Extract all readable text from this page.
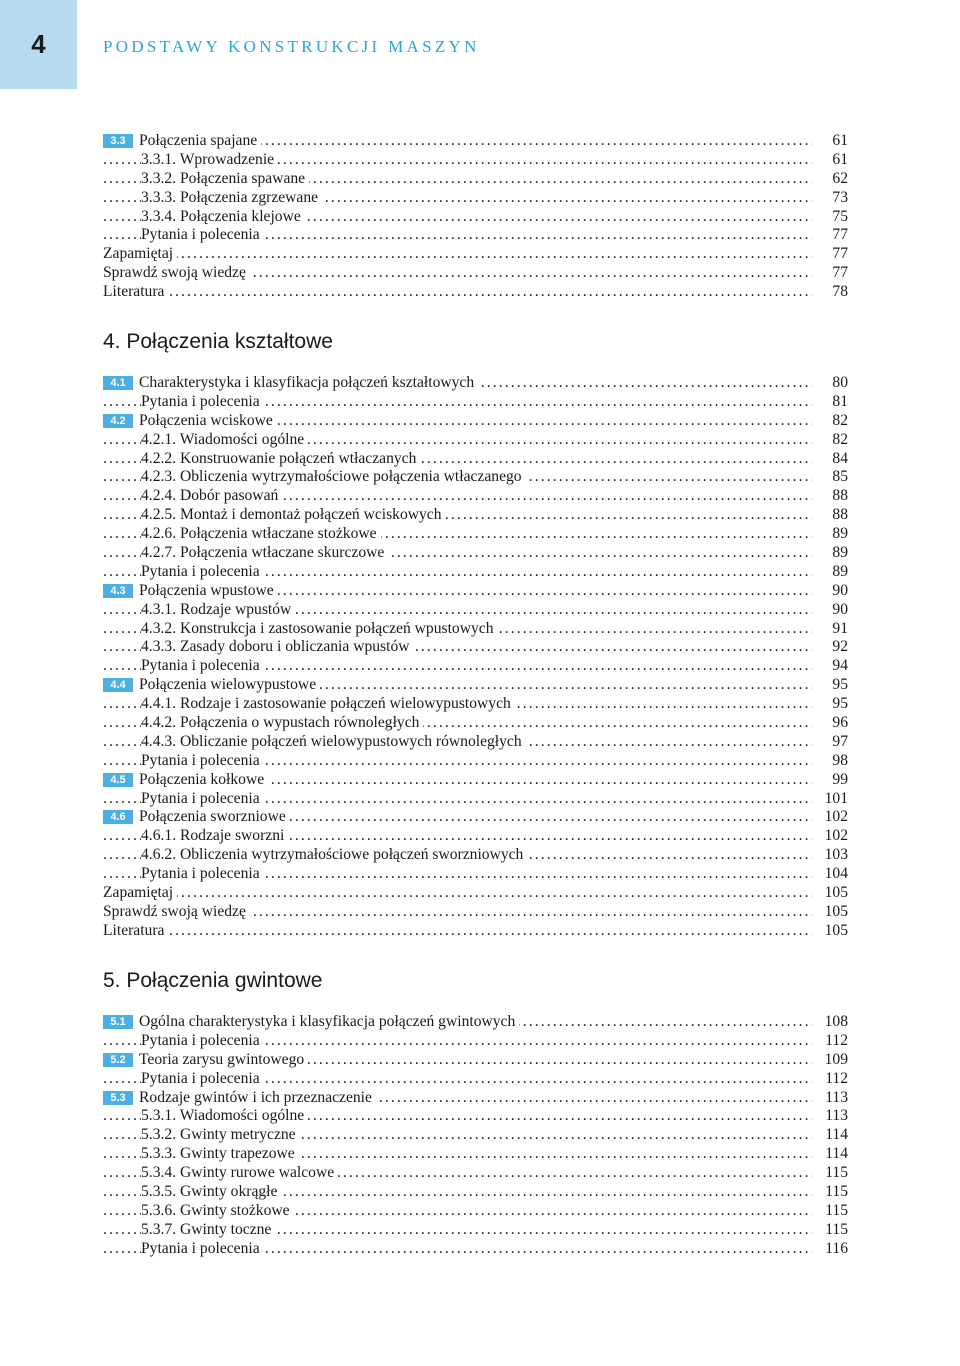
4	PODSTAWY KONSTRUKCJI MASZYN
. . .
3.3 Połączenia spajane	61
. . .
3.3.1. Wprowadzenie	61
. . .
3.3.2. Połączenia spawane	62
. . .
3.3.3. Połączenia zgrzewane	73
. . .
3.3.4. Połączenia klejowe	75
. . .
Pytania i polecenia	77
. . .
Zapamiętaj	77
. . .
Sprawdź swoją wiedzę	77
. . .
Literatura	78
4. Połączenia kształtowe
. . .
4.1 Charakterystyka i klasyfikacja połączeń kształtowych	80
. . .
Pytania i polecenia	81
. . .
4.2 Połączenia wciskowe	82
. . .
4.2.1. Wiadomości ogólne	82
. . .
4.2.2. Konstruowanie połączeń wtłaczanych	84
. . .
4.2.3. Obliczenia wytrzymałościowe połączenia wtłaczanego	85
. . .
4.2.4. Dobór pasowań	88
. . .
4.2.5. Montaż i demontaż połączeń wciskowych	88
. . .
4.2.6. Połączenia wtłaczane stożkowe	89
. . .
4.2.7. Połączenia wtłaczane skurczowe	89
. . .
Pytania i polecenia	89
. . .
4.3 Połączenia wpustowe	90
. . .
4.3.1. Rodzaje wpustów	90
. . .
4.3.2. Konstrukcja i zastosowanie połączeń wpustowych	91
. . .
4.3.3. Zasady doboru i obliczania wpustów	92
. . .
Pytania i polecenia	94
. . .
4.4 Połączenia wielowypustowe	95
. . .
4.4.1. Rodzaje i zastosowanie połączeń wielowypustowych	95
. . .
4.4.2. Połączenia o wypustach równoległych	96
. . .
4.4.3. Obliczanie połączeń wielowypustowych równoległych	97
. . .
Pytania i polecenia	98
. . .
4.5 Połączenia kołkowe	99
. . .
Pytania i polecenia	101
. . .
4.6 Połączenia sworzniowe	102
. . .
4.6.1. Rodzaje sworzni	102
. . .
4.6.2. Obliczenia wytrzymałościowe połączeń sworzniowych	103
. . .
Pytania i polecenia	104
. . .
Zapamiętaj	105
. . .
Sprawdź swoją wiedzę	105
. . .
Literatura	105
5. Połączenia gwintowe
. . .
5.1 Ogólna charakterystyka i klasyfikacja połączeń gwintowych	108
. . .
Pytania i polecenia	112
. . .
5.2 Teoria zarysu gwintowego	109
. . .
Pytania i polecenia	112
. . .
5.3 Rodzaje gwintów i ich przeznaczenie	113
. . .
5.3.1. Wiadomości ogólne	113
. . .
5.3.2. Gwinty metryczne	114
. . .
5.3.3. Gwinty trapezowe	114
. . .
5.3.4. Gwinty rurowe walcowe	115
. . .
5.3.5. Gwinty okrągłe	115
. . .
5.3.6. Gwinty stożkowe	115
. . .
5.3.7. Gwinty toczne	115
. . .
Pytania i polecenia	116
